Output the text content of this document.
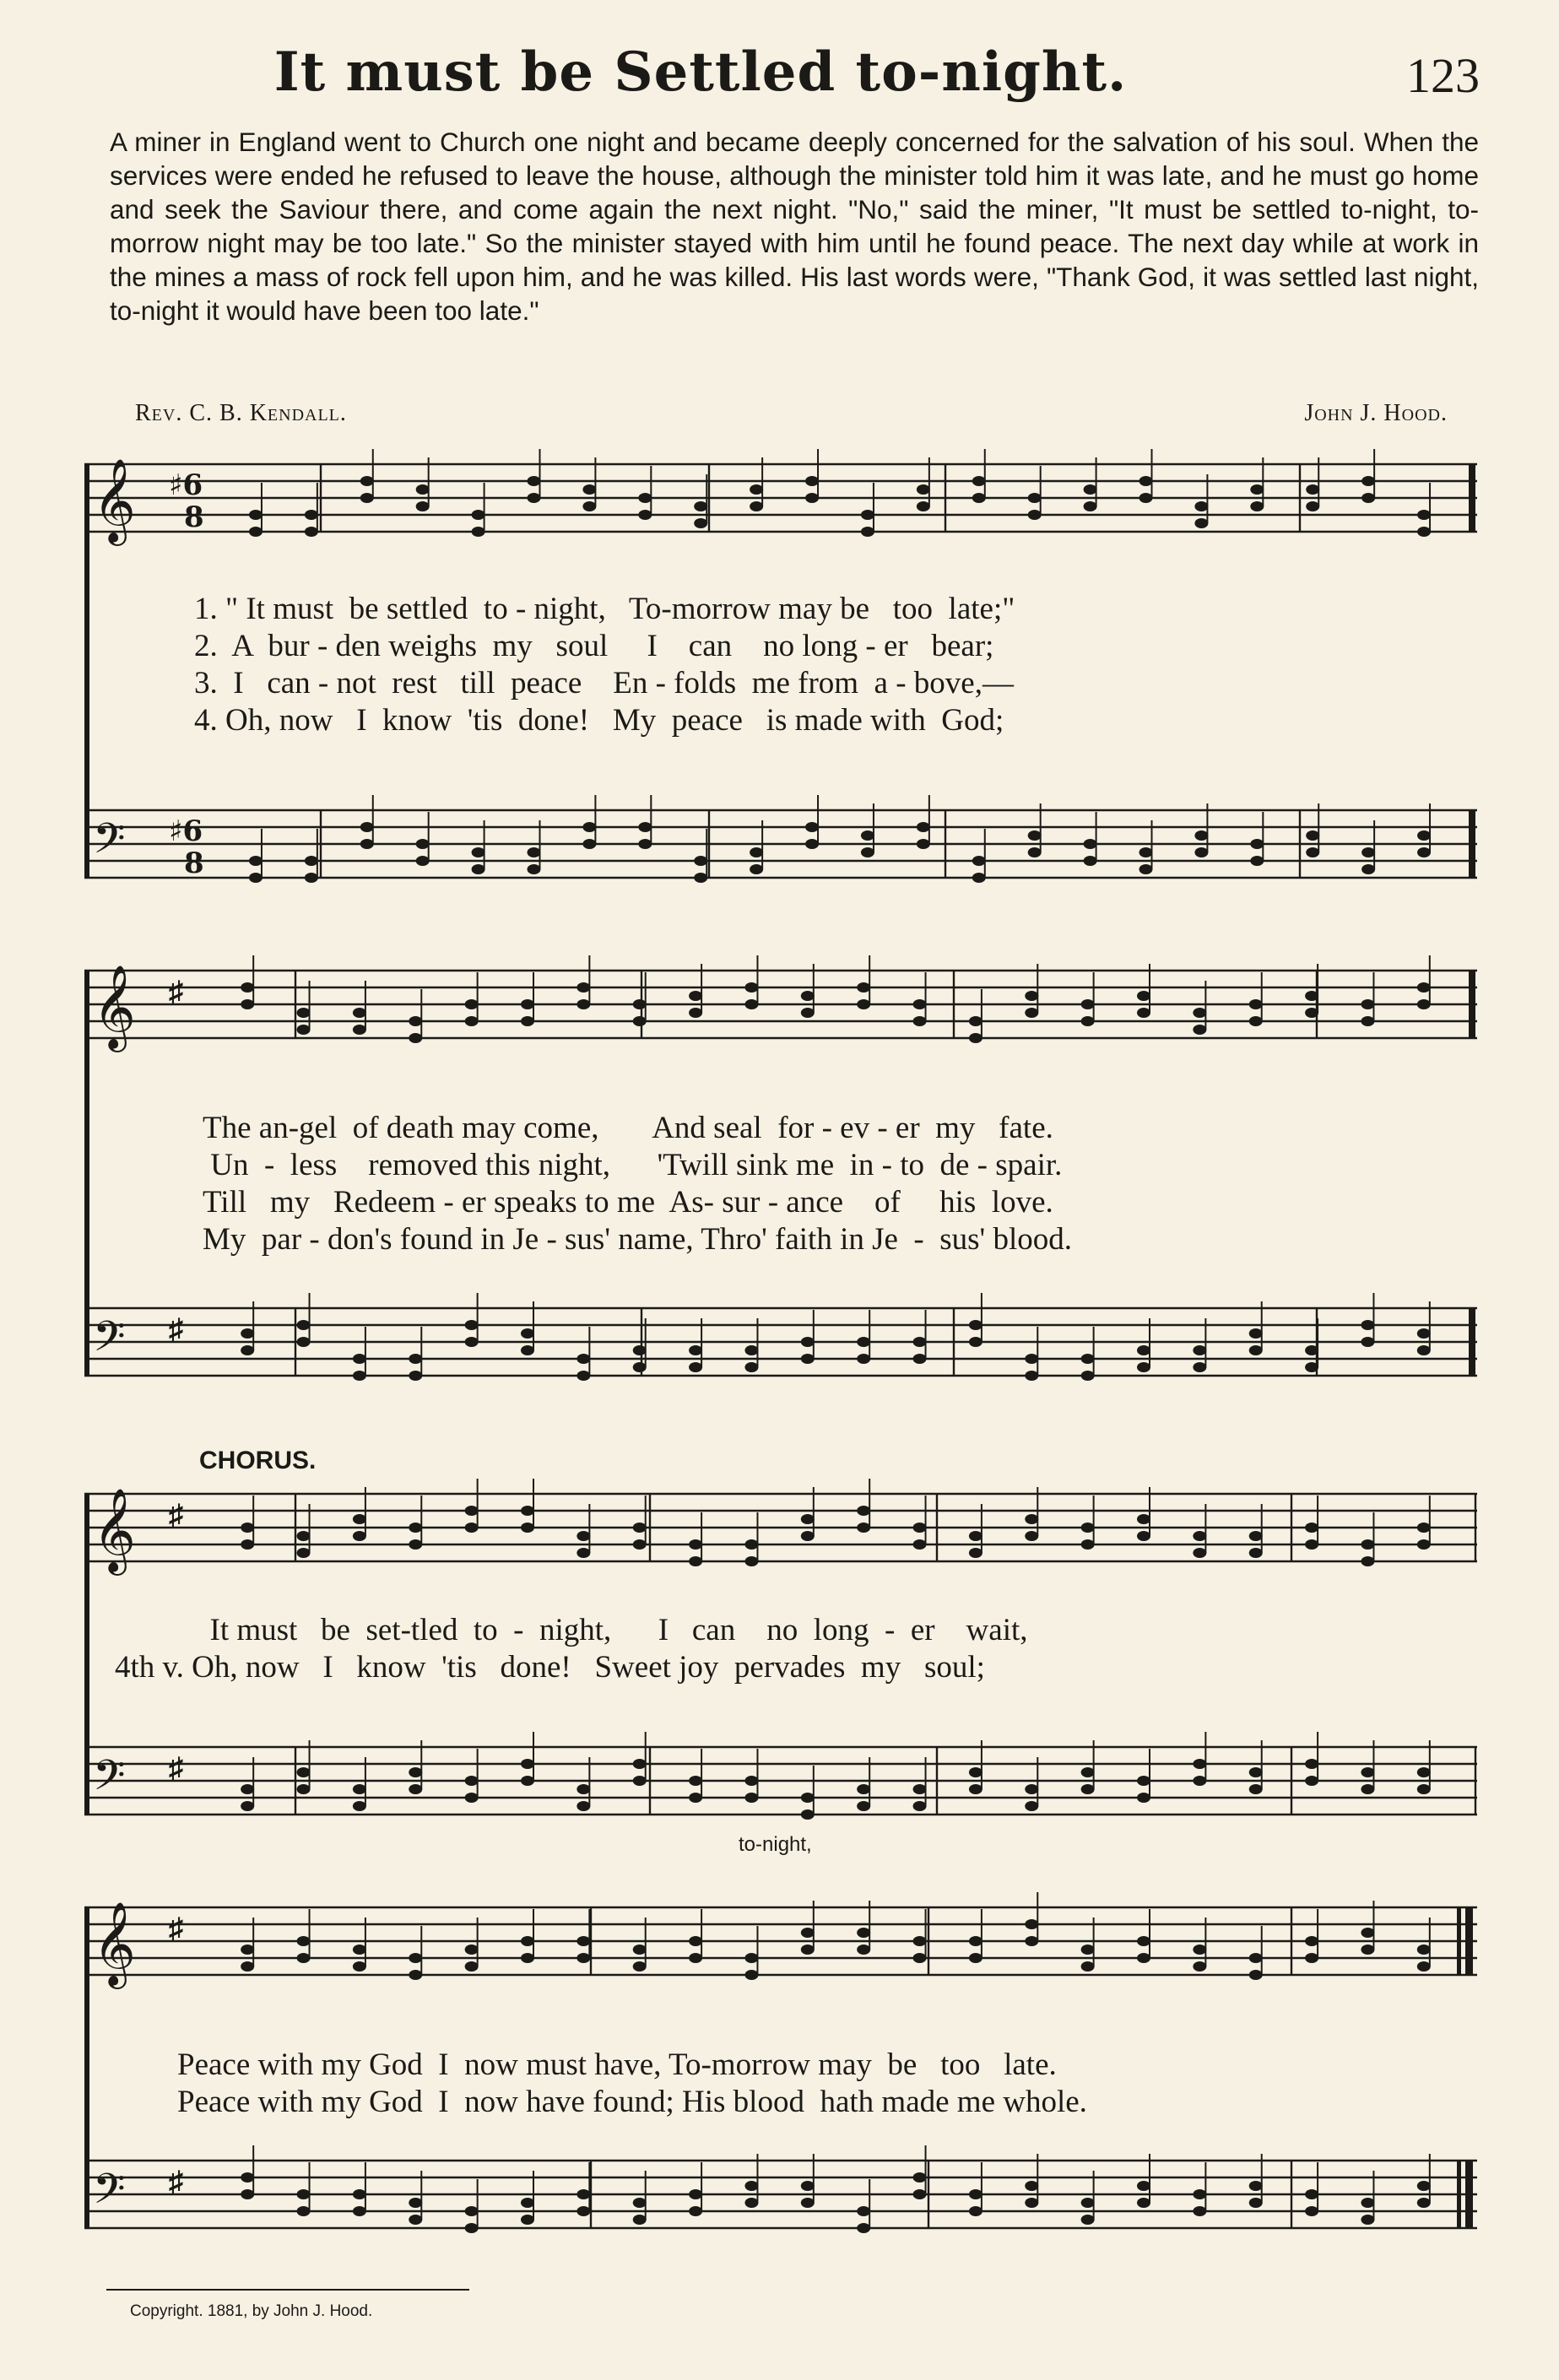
It must be Settled to-night.	123
A miner in England went to Church one night and became deeply concerned for the salvation of his soul. When the services were ended he refused to leave the house, although the minister told him it was late, and he must go home and seek the Saviour there, and come again the next night. "No," said the miner, "It must be settled to-night, to-morrow night may be too late." So the minister stayed with him until he found peace. The next day while at work in the mines a mass of rock fell upon him, and he was killed. His last words were, "Thank God, it was settled last night, to-night it would have been too late."
Rev. C. B. Kendall.	John J. Hood.
𝄞
𝄢
♯6
8
♯6
8
1. " It must  be settled  to - night,   To-morrow may be   too  late;"
2.  A  bur - den weighs  my   soul     I    can    no long - er   bear;
3.  I   can - not  rest   till  peace    En - folds  me from  a - bove,—
4. Oh, now   I  know  'tis  done!   My  peace   is made with  God;
𝄞
𝄢
♯
♯
The an-gel  of death may come,       And seal  for - ev - er  my   fate.
Un  -  less    removed this night,      'Twill sink me  in - to  de - spair.
Till   my   Redeem - er speaks to me  As- sur - ance    of     his  love.
My  par - don's found in Je - sus' name, Thro' faith in Je  -  sus' blood.
CHORUS.
𝄞
𝄢
♯
♯
It must   be  set-tled  to  -  night,      I   can    no  long  -  er    wait,
4th v. Oh, now   I   know  'tis   done!   Sweet joy  pervades  my   soul;
to-night,
𝄞
𝄢
♯
♯
Peace with my God  I  now must have, To-morrow may  be   too   late.
Peace with my God  I  now have found; His blood  hath made me whole.
Copyright. 1881, by John J. Hood.
